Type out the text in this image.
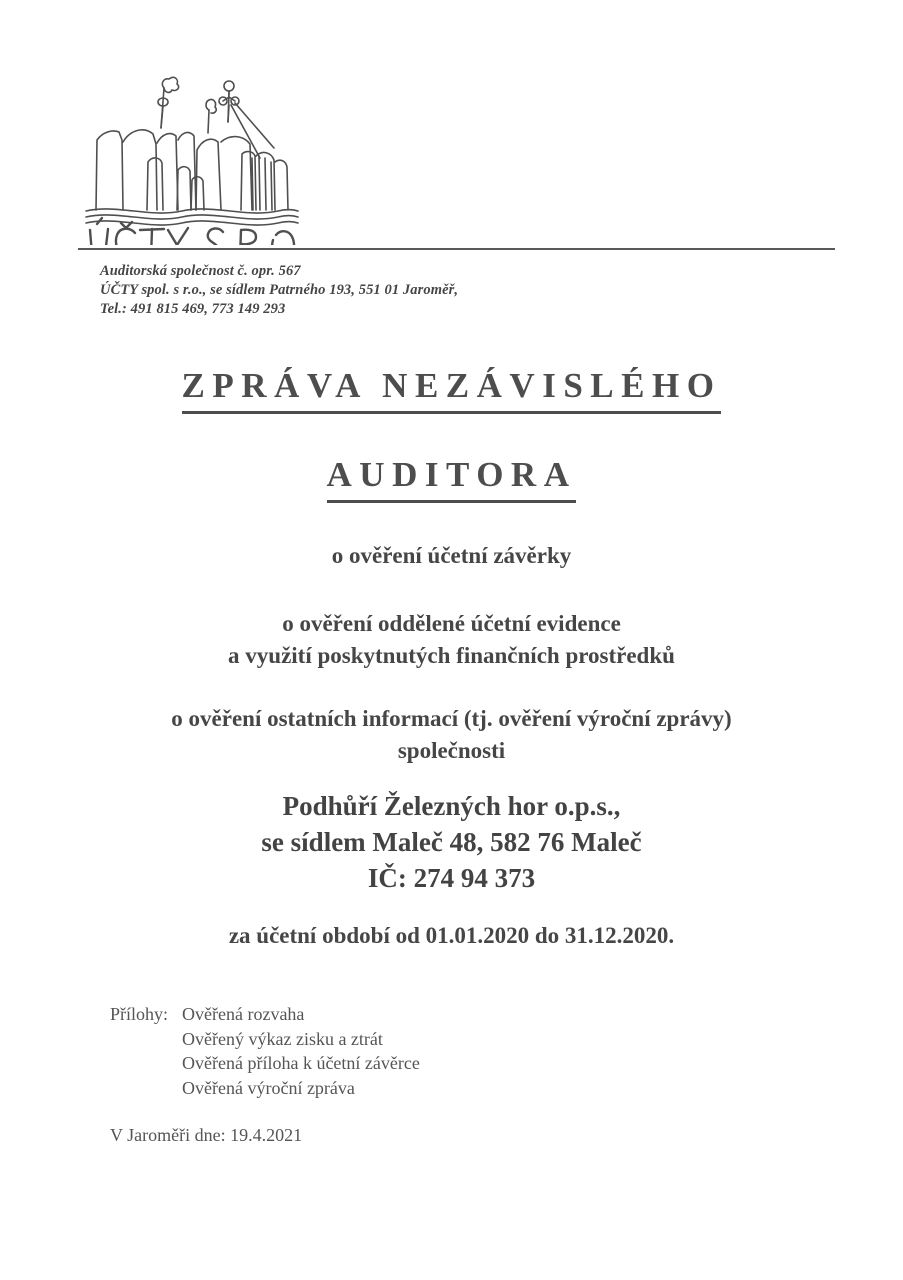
Auditorská společnost č. opr. 567
ÚČTY spol. s r.o., se sídlem Patrného 193, 551 01 Jaroměř,
Tel.: 491 815 469, 773 149 293
ZPRÁVA NEZÁVISLÉHO
AUDITORA
o ověření účetní závěrky
o ověření oddělené účetní evidence
a využití poskytnutých finančních prostředků
o ověření ostatních informací (tj. ověření výroční zprávy)
společnosti
Podhůří Železných hor o.p.s.,
se sídlem Maleč 48, 582 76 Maleč
IČ: 274 94 373
za účetní období od 01.01.2020 do 31.12.2020.
Přílohy: Ověřená rozvaha
Ověřený výkaz zisku a ztrát
Ověřená příloha k účetní závěrce
Ověřená výroční zpráva
V Jaroměři dne: 19.4.2021
